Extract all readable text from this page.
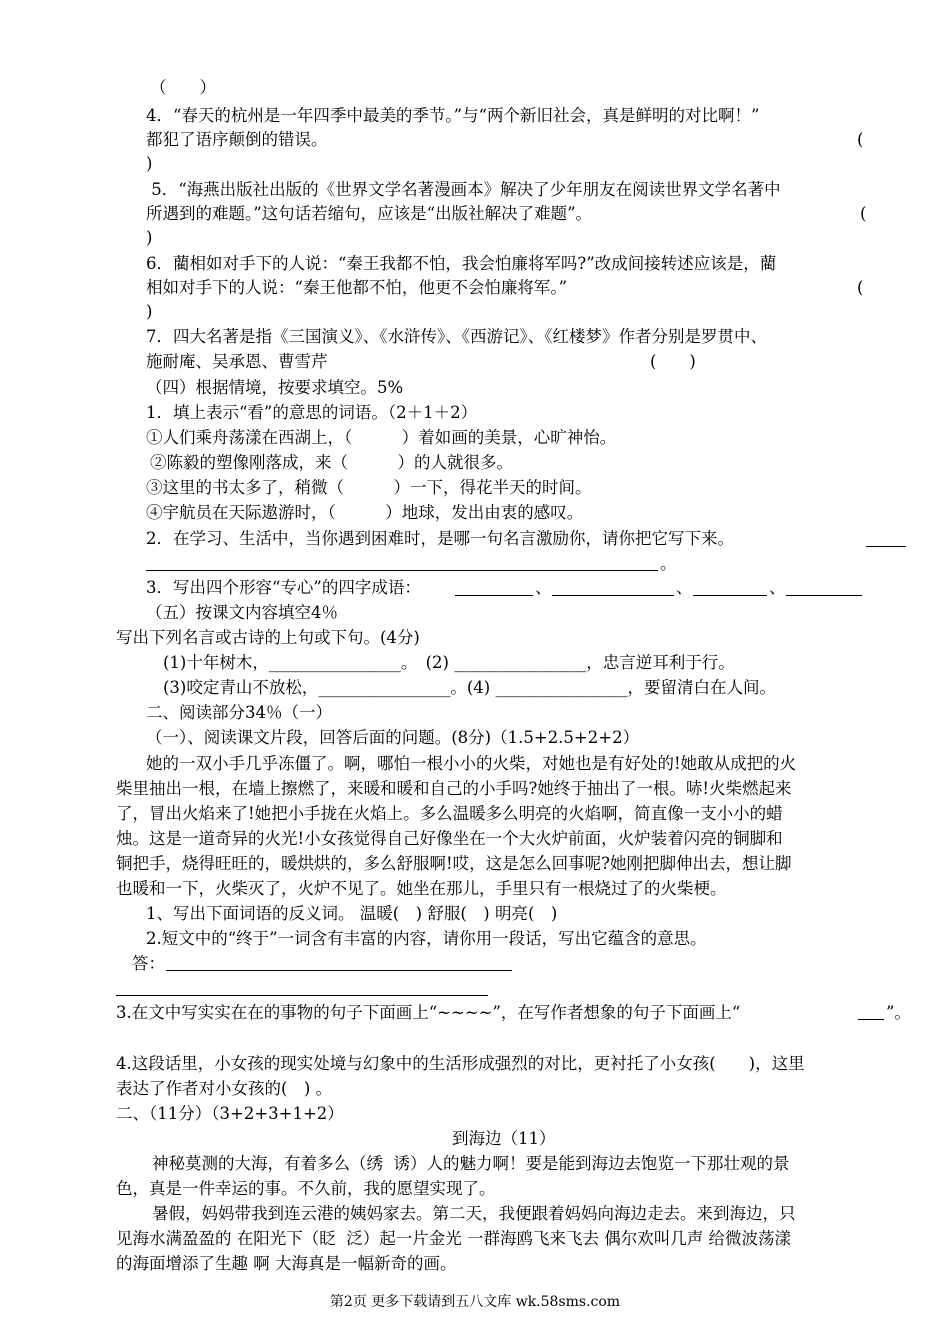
（　　）
4．“春天的杭州是一年四季中最美的季节。”与“两个新旧社会，真是鲜明的对比啊！”
都犯了语序颠倒的错误。	(
)
5．“海燕出版社出版的《世界文学名著漫画本》解决了少年朋友在阅读世界文学名著中
所遇到的难题。”这句话若缩句，应该是“出版社解决了难题”。	(
)
6．藺相如对手下的人说：“秦王我都不怕，我会怕廉将军吗?”改成间接转述应该是，藺
相如对手下的人说：“秦王他都不怕，他更不会怕廉将军。”	(
)
7．四大名著是指《三国演义》、《水浒传》、《西游记》、《红楼梦》作者分别是罗贯中、
施耐庵、吴承恩、曹雪芹	(　　)
（四）根据情境，按要求填空。5%
1．填上表示“看”的意思的词语。（2＋1＋2）
①人们乘舟荡漾在西湖上，（　　　）着如画的美景，心旷神怡。
②陈毅的塑像刚落成，来（　　　）的人就很多。
③这里的书太多了，稍微（　　　）一下，得花半天的时间。
④宇航员在天际遨游时，（　　　）地球，发出由衷的感叹。
2．在学习、生活中，当你遇到困难时，是哪一句名言激励你，请你把它写下来。
。
3．写出四个形容“专心”的四字成语：	、	、	、
（五）按课文内容填空4％
写出下列名言或古诗的上句或下句。(4分)
(1)十年树木，________________。　(2) ________________，忠言逆耳利于行。
(3)咬定青山不放松，________________。(4) ________________，要留清白在人间。
二、阅读部分34％（一）
（一）、阅读课文片段，回答后面的问题。(8分)（1.5+2.5+2+2）
她的一双小手几乎冻僵了。啊，哪怕一根小小的火柴，对她也是有好处的!她敢从成把的火
柴里抽出一根，在墙上擦燃了，来暖和暖和自己的小手吗?她终于抽出了一根。哧!火柴燃起来
了，冒出火焰来了!她把小手拢在火焰上。多么温暖多么明亮的火焰啊，简直像一支小小的蜡
烛。这是一道奇异的火光!小女孩觉得自己好像坐在一个大火炉前面，火炉装着闪亮的铜脚和
铜把手，烧得旺旺的，暖烘烘的，多么舒服啊!哎，这是怎么回事呢?她刚把脚伸出去，想让脚
也暖和一下，火柴灭了，火炉不见了。她坐在那儿，手里只有一根烧过了的火柴梗。
1、写出下面词语的反义词。 温暖(　) 舒服(　) 明亮(　)
2.短文中的“终于”一词含有丰富的内容，请你用一段话，写出它蕴含的意思。
答：
3.在文中写实实在在的事物的句子下面画上“~~~~”，在写作者想象的句子下面画上“	”。
4.这段话里，小女孩的现实处境与幻象中的生活形成强烈的对比，更衬托了小女孩(　　)，这里
表达了作者对小女孩的(　) 。
二、（11分）（3+2+3+1+2）
到海边（11）
神秘莫测的大海，有着多么（绣  诱）人的魅力啊！要是能到海边去饱览一下那壮观的景
色，真是一件幸运的事。不久前，我的愿望实现了。
暑假，妈妈带我到连云港的姨妈家去。第二天，我便跟着妈妈向海边走去。来到海边，只
见海水满盈盈的 在阳光下（眨  泛）起一片金光 一群海鸥飞来飞去 偶尔欢叫几声 给微波荡漾
的海面增添了生趣 啊 大海真是一幅新奇的画。
第2页 更多下载请到五八文库 wk.58sms.com
